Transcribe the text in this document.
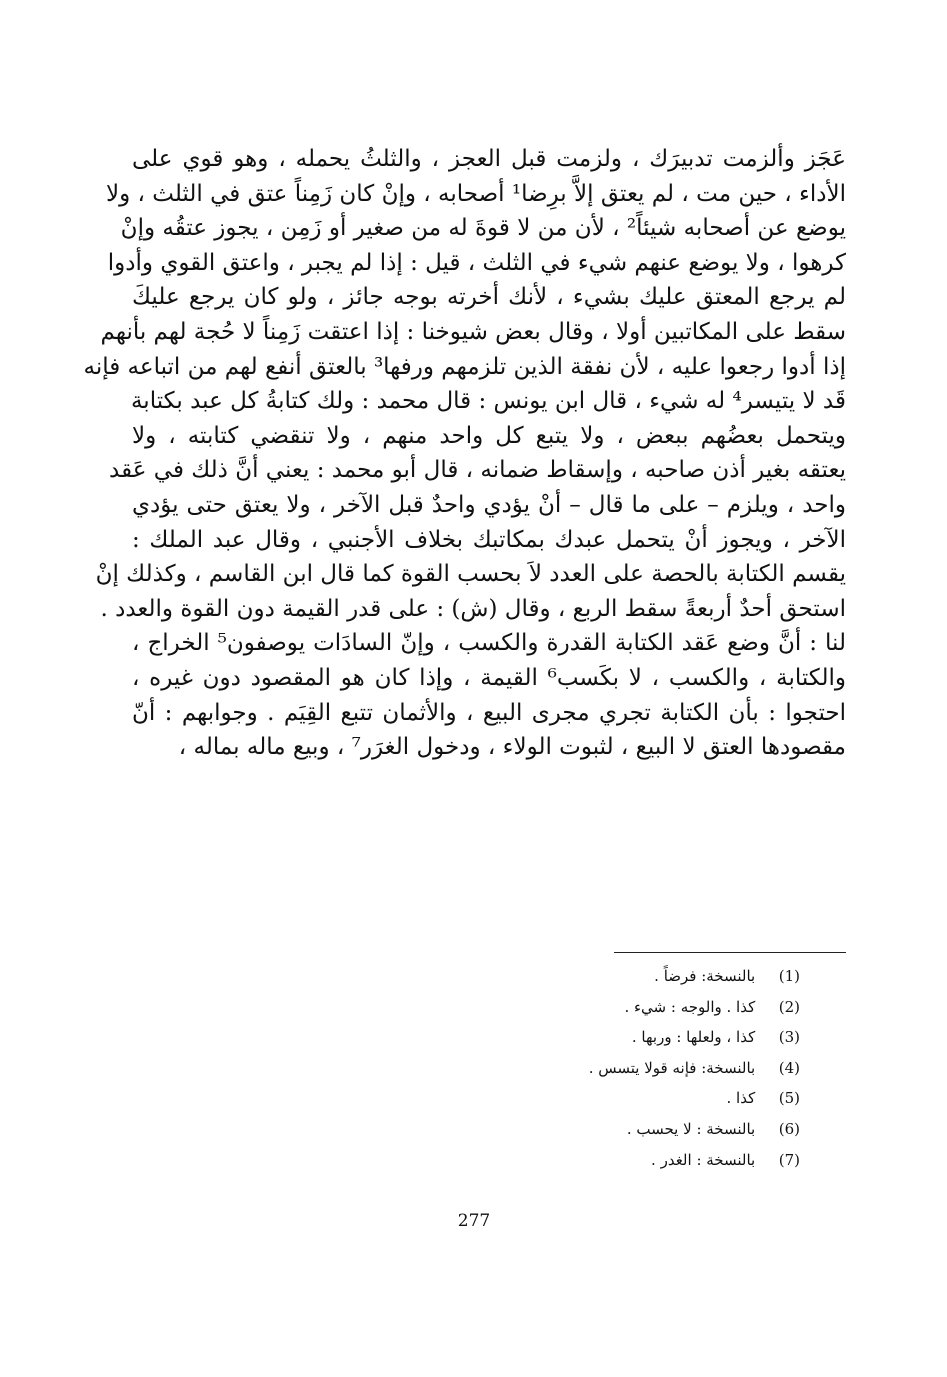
عَجَز وألزمت تدبيرَك ، ولزمت قبل العجز ، والثلثُ يحمله ، وهو قوي على
الأداء ، حين مت ، لم يعتق إلاَّ برِضا¹ أصحابه ، وإنْ كان زَمِناً عتق في الثلث ، ولا
يوضع عن أصحابه شيئاً² ، لأن من لا قوةَ له من صغير أو زَمِن ، يجوز عتقُه وإنْ
كرهوا ، ولا يوضع عنهم شيء في الثلث ، قيل : إذا لم يجبر ، واعتق القوي وأدوا
لم يرجع المعتق عليك بشيء ، لأنك أخرته بوجه جائز ، ولو كان يرجع عليكَ
سقط على المكاتبين أولا ، وقال بعض شيوخنا : إذا اعتقت زَمِناً لا حُجة لهم بأنهم
إذا أدوا رجعوا عليه ، لأن نفقة الذين تلزمهم ورفها³ بالعتق أنفع لهم من اتباعه فإنه
قَد لا يتيسر⁴ له شيء ، قال ابن يونس : قال محمد : ولك كتابةُ كل عبد بكتابة
ويتحمل بعضُهم ببعض ، ولا يتبع كل واحد منهم ، ولا تنقضي كتابته ، ولا
يعتقه بغير أذن صاحبه ، وإسقاط ضمانه ، قال أبو محمد : يعني أنَّ ذلك في عَقد
واحد ، ويلزم – على ما قال – أنْ يؤدي واحدٌ قبل الآخر ، ولا يعتق حتى يؤدي
الآخر ، ويجوز أنْ يتحمل عبدك بمكاتبك بخلاف الأجنبي ، وقال عبد الملك :
يقسم الكتابة بالحصة على العدد لاَ بحسب القوة كما قال ابن القاسم ، وكذلك إنْ
استحق أحدٌ أربعةً سقط الربع ، وقال (ش) : على قدر القيمة دون القوة والعدد .
لنا : أنَّ وضع عَقد الكتابة القدرة والكسب ، وإنّ السادَات يوصفون⁵ الخراج ،
والكتابة ، والكسب ، لا بكَسب⁶ القيمة ، وإذا كان هو المقصود دون غيره ،
احتجوا : بأن الكتابة تجري مجرى البيع ، والأثمان تتبع القِيَم . وجوابهم : أنّ
مقصودها العتق لا البيع ، لثبوت الولاء ، ودخول الغرَر⁷ ، وبيع ماله بماله ،
(1) بالنسخة: فرضاً .
(2) كذا . والوجه : شيء .
(3) كذا ، ولعلها : وربها .
(4) بالنسخة: فإنه قولا يتسس .
(5) كذا .
(6) بالنسخة : لا يحسب .
(7) بالنسخة : الغدر .
277
